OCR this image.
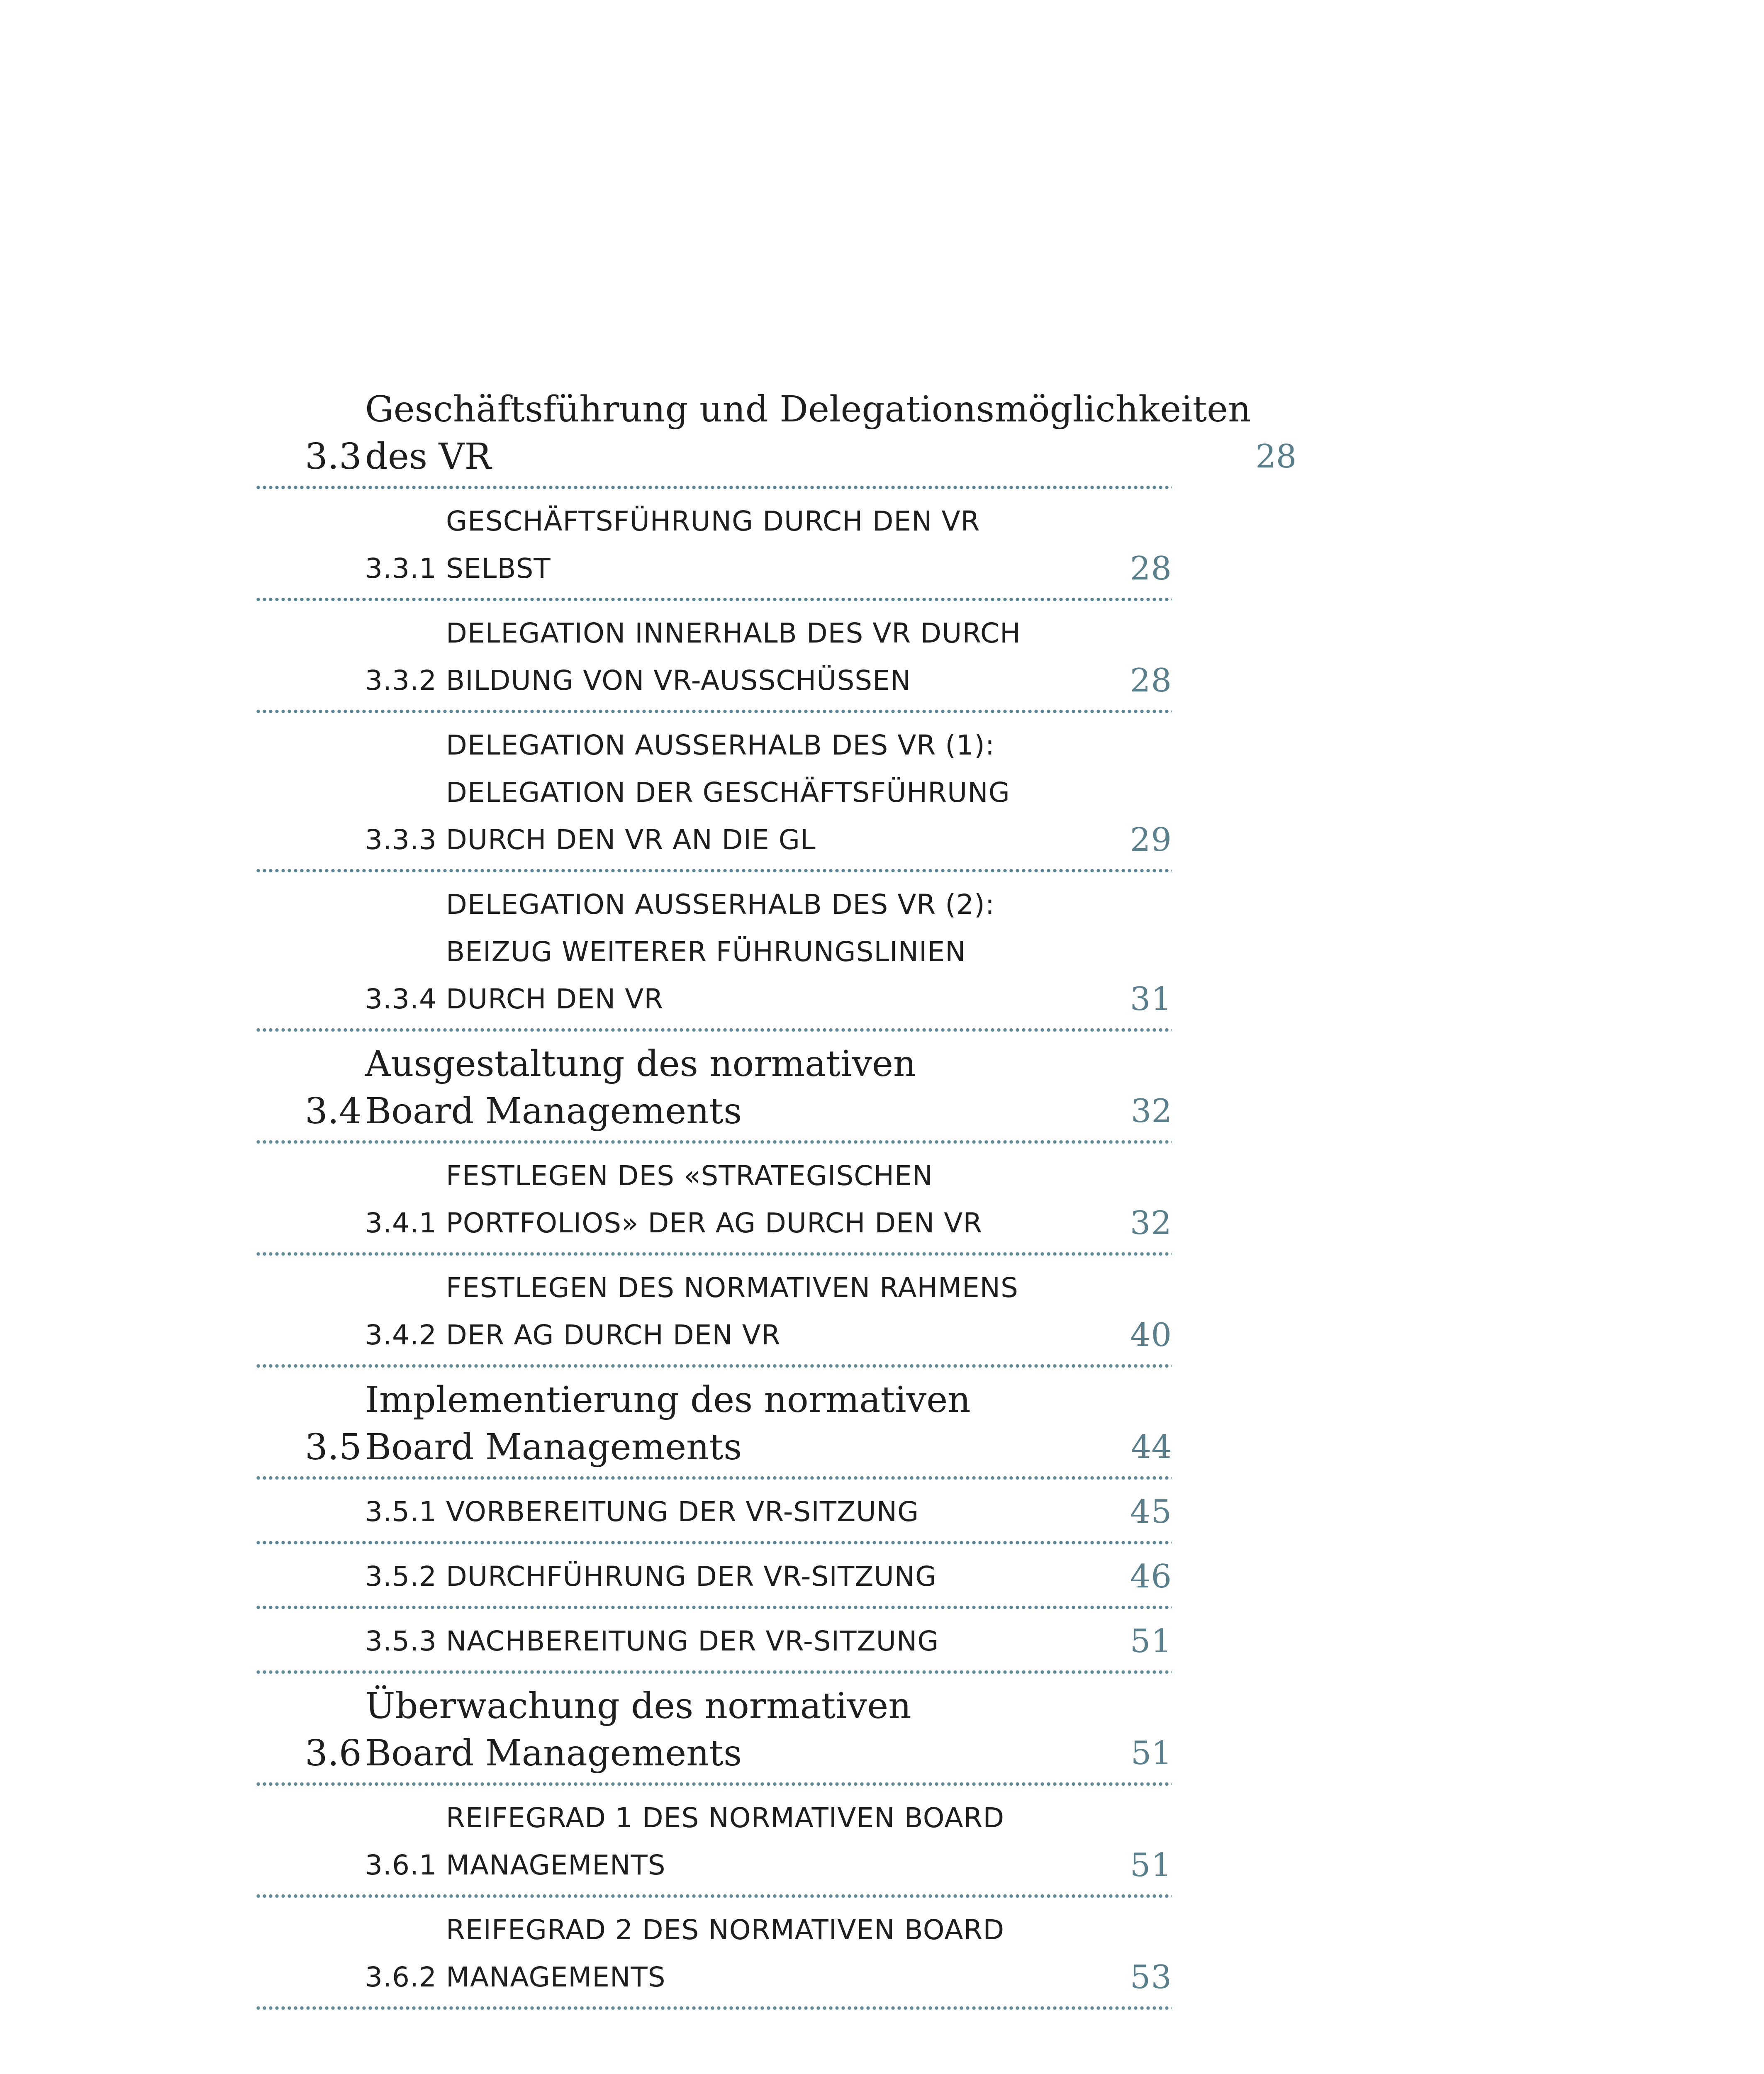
3.3
Geschäftsführung und Delegationsmöglichkeiten
des VR	28
3.3.1
GESCHÄFTSFÜHRUNG DURCH DEN VR
SELBST	28
3.3.2
DELEGATION INNERHALB DES VR DURCH
BILDUNG VON VR-AUSSCHÜSSEN	28
3.3.3
DELEGATION AUSSERHALB DES VR (1):
DELEGATION DER GESCHÄFTSFÜHRUNG
DURCH DEN VR AN DIE GL	29
3.3.4
DELEGATION AUSSERHALB DES VR (2):
BEIZUG WEITERER FÜHRUNGSLINIEN
DURCH DEN VR	31
3.4
Ausgestaltung des normativen
Board Managements	32
3.4.1
FESTLEGEN DES «STRATEGISCHEN
PORTFOLIOS» DER AG DURCH DEN VR	32
3.4.2
FESTLEGEN DES NORMATIVEN RAHMENS
DER AG DURCH DEN VR	40
3.5
Implementierung des normativen
Board Managements	44
3.5.1 VORBEREITUNG DER VR-SITZUNG	45
3.5.2 DURCHFÜHRUNG DER VR-SITZUNG	46
3.5.3 NACHBEREITUNG DER VR-SITZUNG	51
3.6
Überwachung des normativen
Board Managements	51
3.6.1
REIFEGRAD 1 DES NORMATIVEN BOARD
MANAGEMENTS	51
3.6.2
REIFEGRAD 2 DES NORMATIVEN BOARD
MANAGEMENTS	53
